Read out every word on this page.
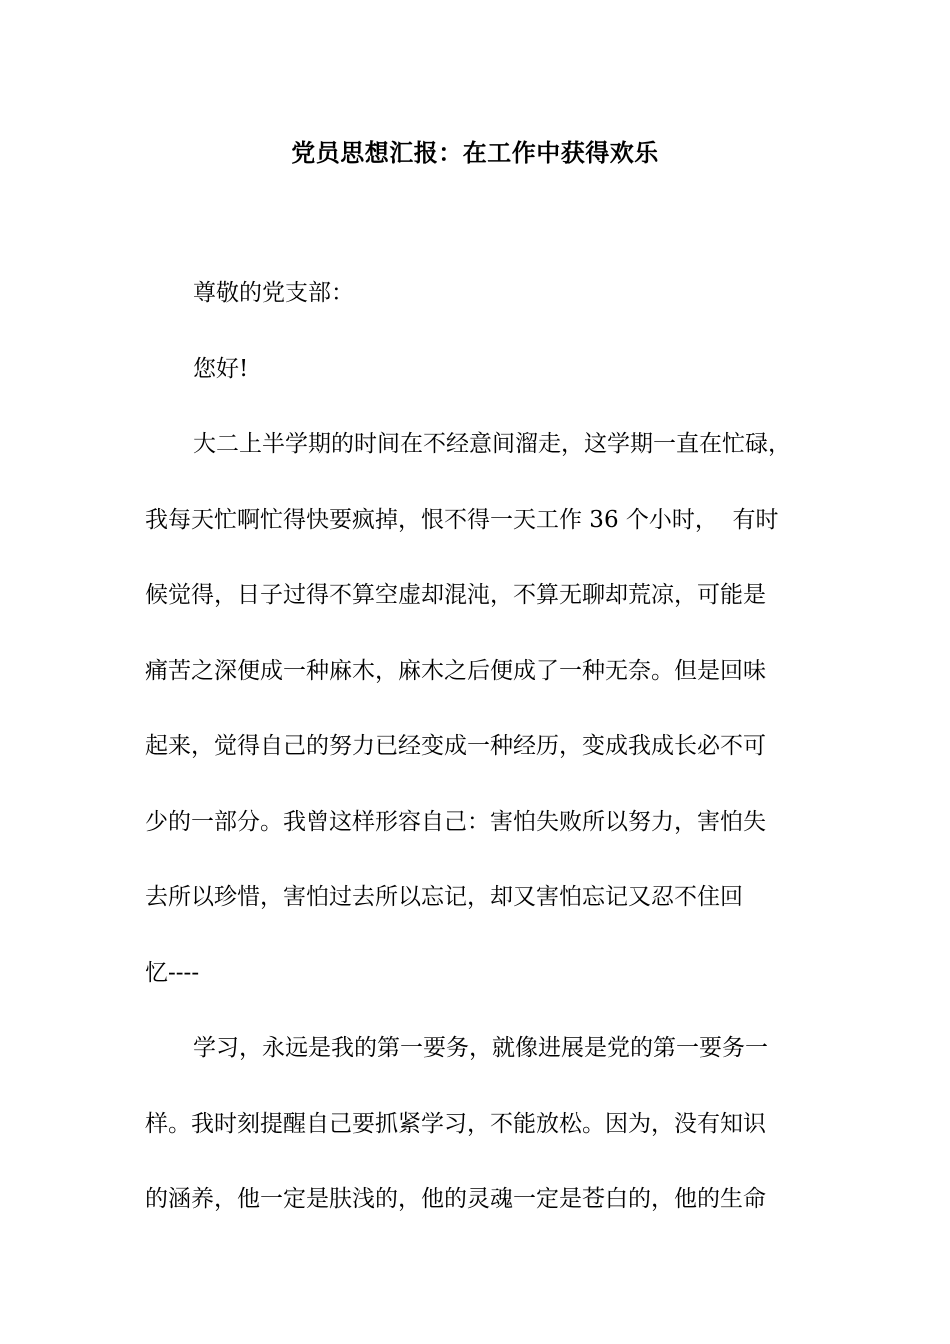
党员思想汇报：在工作中获得欢乐
尊敬的党支部：
您好!
大二上半学期的时间在不经意间溜走，这学期一直在忙碌，
我每天忙啊忙得快要疯掉，恨不得一天工作 36 个小时，  有时
候觉得，日子过得不算空虚却混沌，不算无聊却荒凉，可能是
痛苦之深便成一种麻木，麻木之后便成了一种无奈。但是回味
起来，觉得自己的努力已经变成一种经历，变成我成长必不可
少的一部分。我曾这样形容自己：害怕失败所以努力，害怕失
去所以珍惜，害怕过去所以忘记，却又害怕忘记又忍不住回
忆----
学习，永远是我的第一要务，就像进展是党的第一要务一
样。我时刻提醒自己要抓紧学习，不能放松。因为，没有知识
的涵养，他一定是肤浅的，他的灵魂一定是苍白的，他的生命
